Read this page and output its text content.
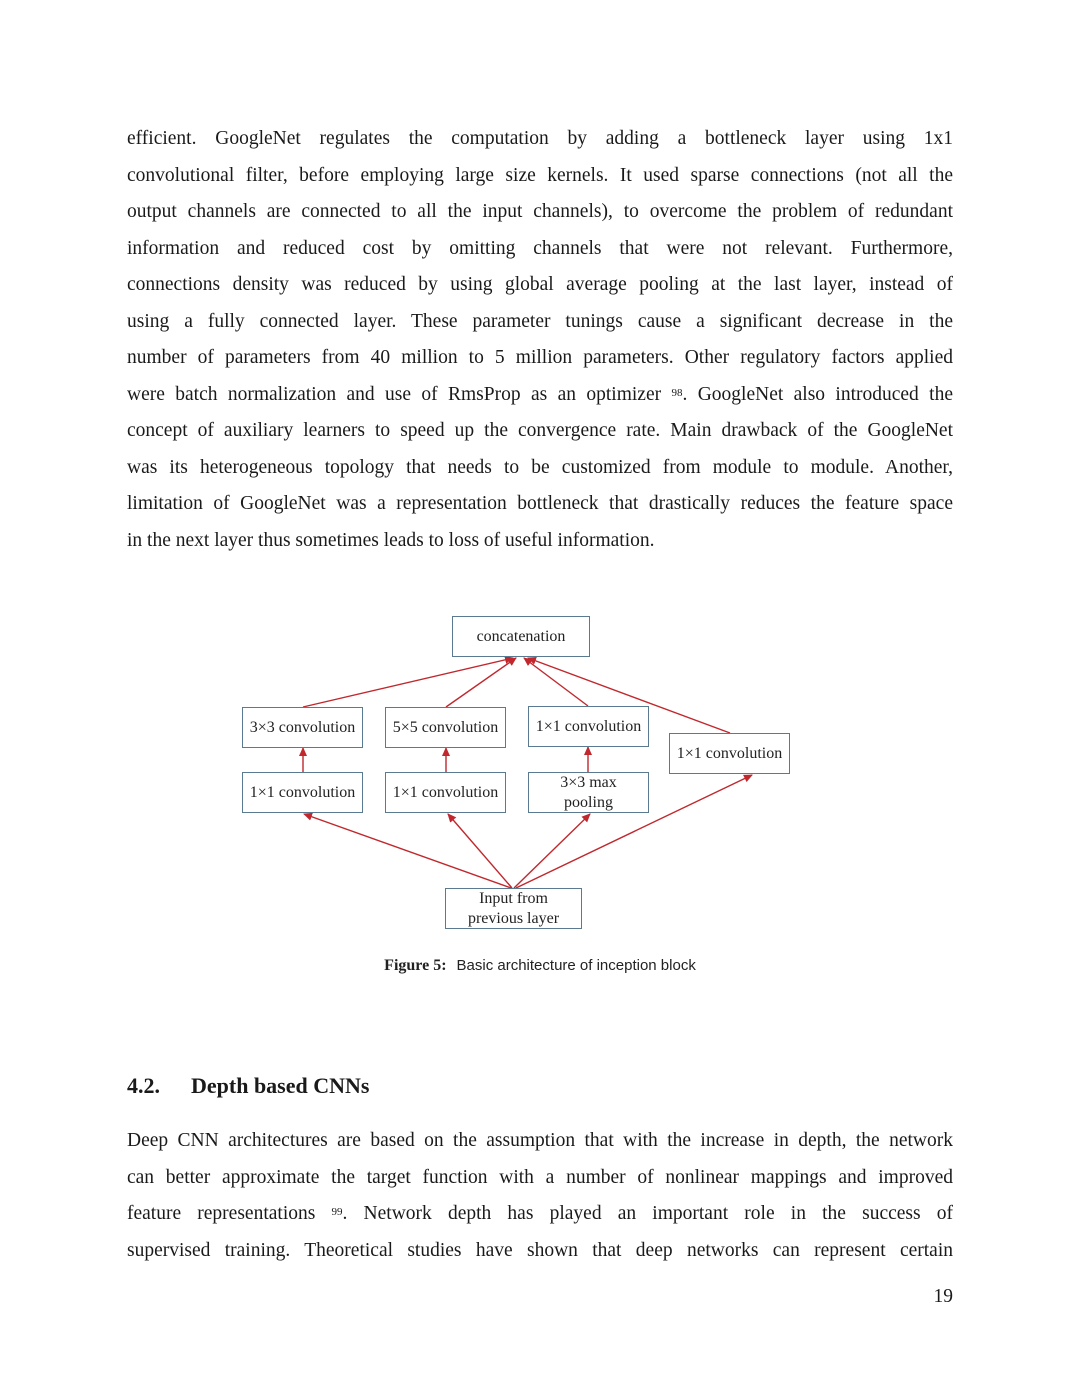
efficient. GoogleNet regulates the computation by adding a bottleneck layer using 1x1
convolutional filter, before employing large size kernels. It used sparse connections (not all the
output channels are connected to all the input channels), to overcome the problem of redundant
information and reduced cost by omitting channels that were not relevant. Furthermore,
connections density was reduced by using global average pooling at the last layer, instead of
using a fully connected layer. These parameter tunings cause a significant decrease in the
number of parameters from 40 million to 5 million parameters. Other regulatory factors applied
were batch normalization and use of RmsProp as an optimizer $^{98}$. GoogleNet also introduced the
concept of auxiliary learners to speed up the convergence rate. Main drawback of the GoogleNet
was its heterogeneous topology that needs to be customized from module to module. Another,
limitation of GoogleNet was a representation bottleneck that drastically reduces the feature space
in the next layer thus sometimes leads to loss of useful information.
concatenation
3×3 convolution	5×5 convolution	1×1 convolution
1×1 convolution
1×1 convolution	1×1 convolution
3×3 max
pooling
Input from
previous layer
Figure 5: Basic architecture of inception block
4.2. Depth based CNNs
Deep CNN architectures are based on the assumption that with the increase in depth, the network
can better approximate the target function with a number of nonlinear mappings and improved
feature representations $^{99}$. Network depth has played an important role in the success of
supervised training. Theoretical studies have shown that deep networks can represent certain
19
